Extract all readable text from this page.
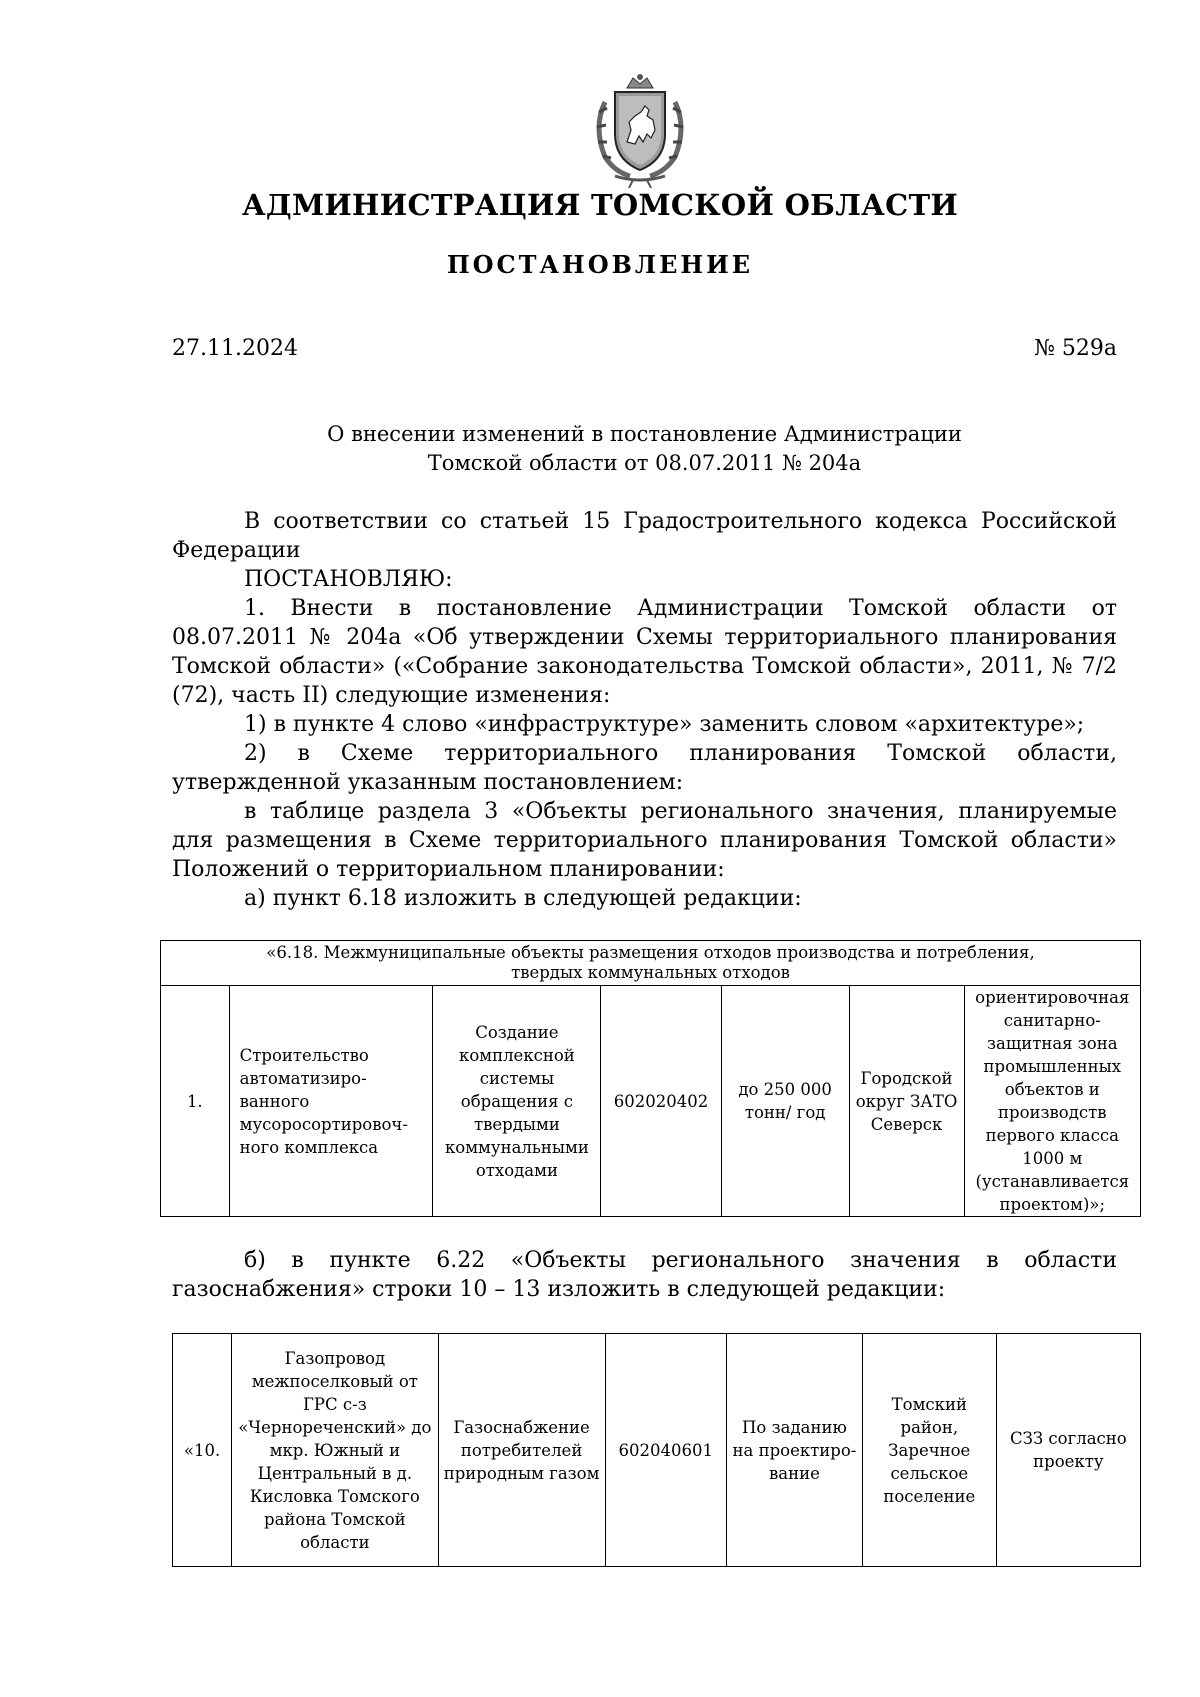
АДМИНИСТРАЦИЯ ТОМСКОЙ ОБЛАСТИ
ПОСТАНОВЛЕНИЕ
27.11.2024	№ 529а
О внесении изменений в постановление Администрации
Томской области от 08.07.2011 № 204а

В соответствии со статьей 15 Градостроительного кодекса Российской Федерации

ПОСТАНОВЛЯЮ:

1. Внести в постановление Администрации Томской области от 08.07.2011 № 204а «Об утверждении Схемы территориального планирования Томской области» («Собрание законодательства Томской области», 2011, № 7/2 (72), часть II) следующие изменения:

1) в пункте 4 слово «инфраструктуре» заменить словом «архитектуре»;

2) в Схеме территориального планирования Томской области, утвержденной указанным постановлением:

в таблице раздела 3 «Объекты регионального значения, планируемые для размещения в Схеме территориального планирования Томской области» Положений о территориальном планировании:

а) пункт 6.18 изложить в следующей редакции:

«6.18. Межмуниципальные объекты размещения отходов производства и потребления,
твердых коммунальных отходов

1.	Строительство автоматизиро-ванного мусоросортировоч-ного комплекса	Создание комплексной системы обращения с твердыми коммунальными отходами	602020402	до 250 000 тонн/ год	Городской округ ЗАТО Северск	ориентировочная санитарно-защитная зона промышленных объектов и производств первого класса 1000 м (устанавливается проектом)»;

б) в пункте 6.22 «Объекты регионального значения в области газоснабжения» строки 10 – 13 изложить в следующей редакции:

«10.	Газопровод межпоселковый от ГРС с-з «Чернореченский» до мкр. Южный и Центральный в д. Кисловка Томского района Томской области	Газоснабжение потребителей природным газом	602040601	По заданию на проектиро-вание	Томский район, Заречное сельское поселение	СЗЗ согласно проекту
